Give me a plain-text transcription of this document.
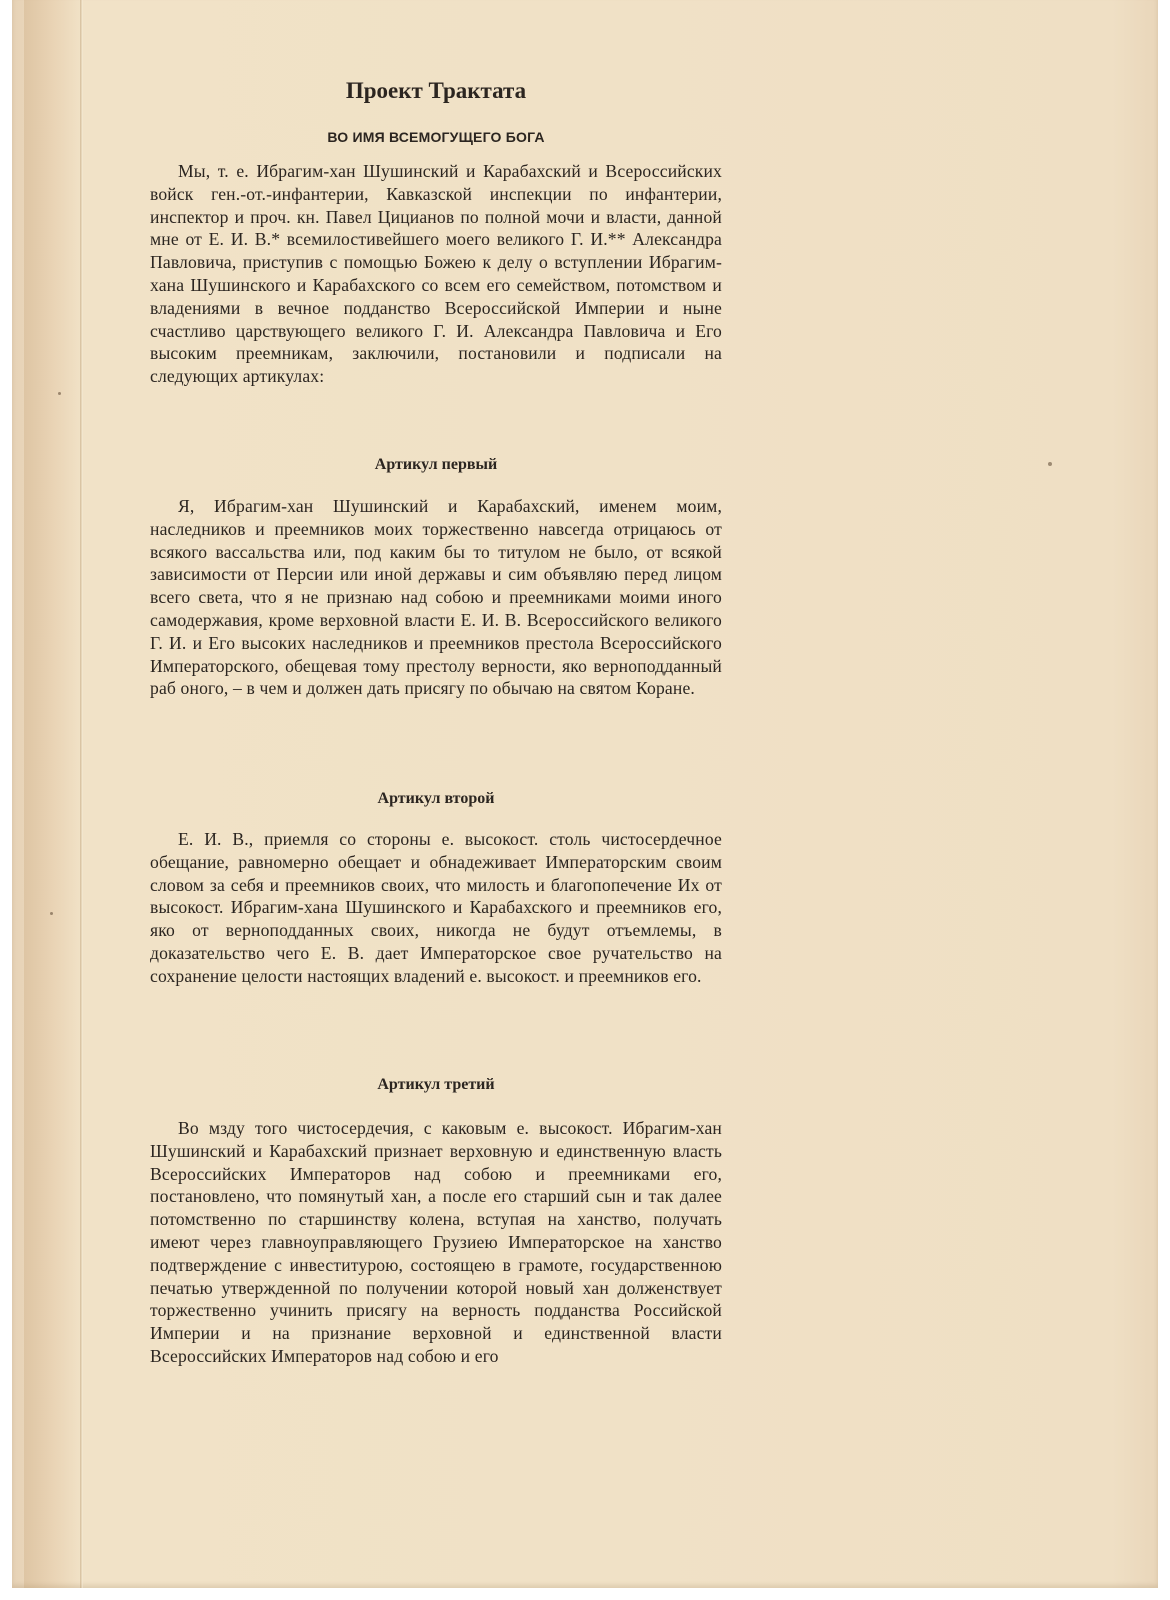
Проект Трактата
ВО ИМЯ ВСЕМОГУЩЕГО БОГА

Мы, т. е. Ибрагим-хан Шушинский и Карабахский и Всероссийских войск ген.-от.-инфантерии, Кавказской инспекции по инфантерии, инспектор и проч. кн. Павел Цицианов по полной мочи и власти, данной мне от Е. И. В.* всемилостивейшего моего великого Г. И.** Александра Павловича, приступив с помощью Божею к делу о вступлении Ибрагим-хана Шушинского и Карабахского со всем его семейством, потомством и владениями в вечное подданство Всероссийской Империи и ныне счастливо царствующего великого Г. И. Александра Павловича и Его высоким преемникам, заключили, постановили и подписали на следующих артикулах:

Артикул первый

Я, Ибрагим-хан Шушинский и Карабахский, именем моим, наследников и преемников моих торжественно навсегда отрицаюсь от всякого вассальства или, под каким бы то титулом не было, от всякой зависимости от Персии или иной державы и сим объявляю перед лицом всего света, что я не признаю над собою и преемниками моими иного самодержавия, кроме верховной власти Е. И. В. Всероссийского великого Г. И. и Его высоких наследников и преемников престола Всероссийского Императорского, обещевая тому престолу верности, яко верноподданный раб оного, – в чем и должен дать присягу по обычаю на святом Коране.

Артикул второй

Е. И. В., приемля со стороны е. высокост. столь чистосердечное обещание, равномерно обещает и обнадеживает Императорским своим словом за себя и преемников своих, что милость и благопопечение Их от высокост. Ибрагим-хана Шушинского и Карабахского и преемников его, яко от верноподданных своих, никогда не будут отъемлемы, в доказательство чего Е. В. дает Императорское свое ручательство на сохранение целости настоящих владений е. высокост. и преемников его.

Артикул третий

Во мзду того чистосердечия, с каковым е. высокост. Ибрагим-хан Шушинский и Карабахский признает верховную и единственную власть Всероссийских Императоров над собою и преемниками его, постановлено, что помянутый хан, а после его старший сын и так далее потомственно по старшинству колена, вступая на ханство, получать имеют через главноуправляющего Грузиею Императорское на ханство подтверждение с инвеститурою, состоящею в грамоте, государственною печатью утвержденной по получении которой новый хан долженствует торжественно учинить присягу на верность подданства Российской Империи и на признание верховной и единственной власти Всероссийских Императоров над собою и его
